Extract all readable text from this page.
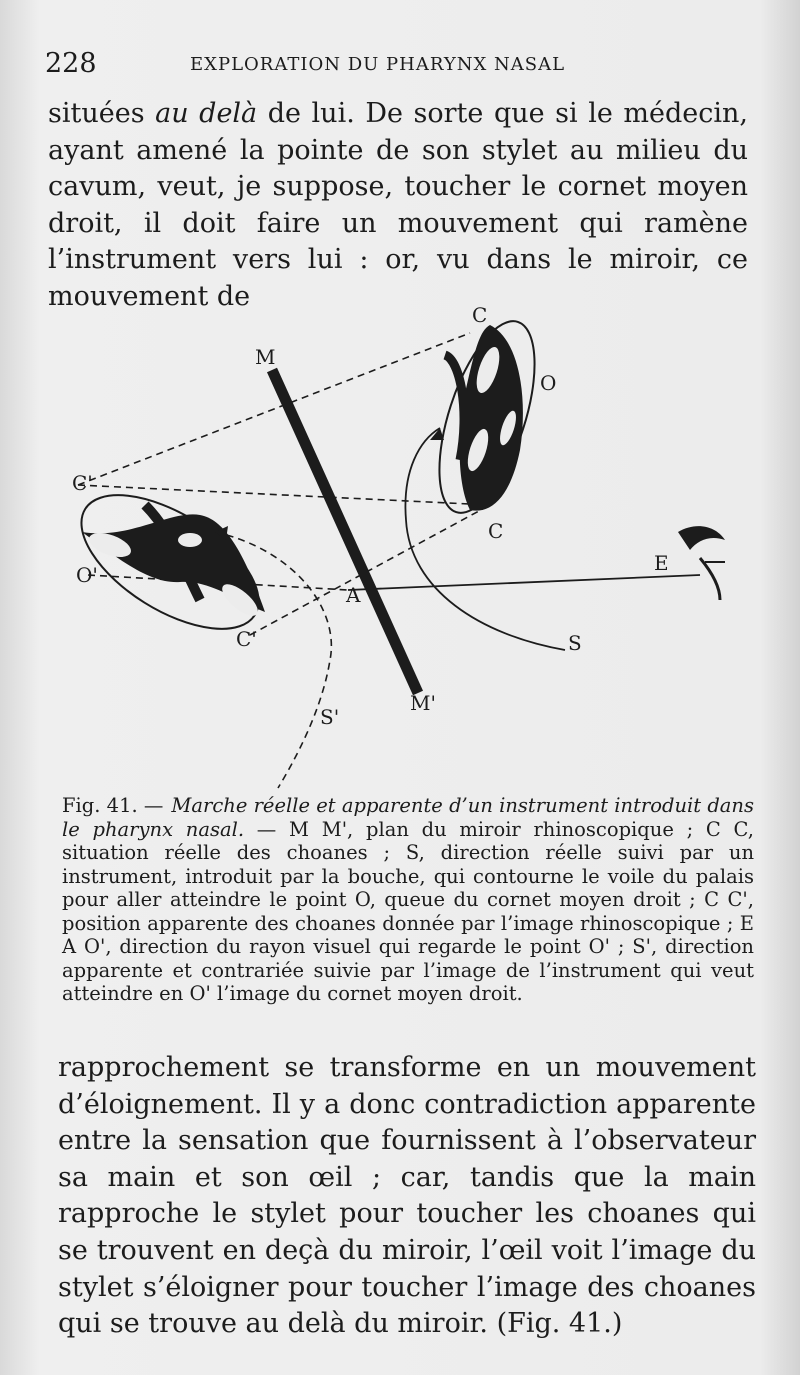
228	EXPLORATION DU PHARYNX NASAL

situées au delà de lui. De sorte que si le médecin, ayant amené la pointe de son stylet au milieu du cavum, veut, je suppose, toucher le cornet moyen droit, il doit faire un mouvement qui ramène l’instrument vers lui : or, vu dans le miroir, ce mouvement de

M
M'
C
C
O
C'
C'
O'
A
E
S
S'
Fig. 41. — Marche réelle et apparente d’un instrument introduit dans le pharynx nasal. — M M', plan du miroir rhinoscopique ; C C, situation réelle des choanes ; S, direction réelle suivi par un instrument, introduit par la bouche, qui contourne le voile du palais pour aller atteindre le point O, queue du cornet moyen droit ; C C', position apparente des choanes donnée par l’image rhinoscopique ; E A O', direction du rayon visuel qui regarde le point O' ; S', direction apparente et contrariée suivie par l’image de l’instrument qui veut atteindre en O' l’image du cornet moyen droit.

rapprochement se transforme en un mouvement d’éloignement. Il y a donc contradiction apparente entre la sensation que fournissent à l’observateur sa main et son œil ; car, tandis que la main rapproche le stylet pour toucher les choanes qui se trouvent en deçà du miroir, l’œil voit l’image du stylet s’éloigner pour toucher l’image des choanes qui se trouve au delà du miroir. (Fig. 41.)
